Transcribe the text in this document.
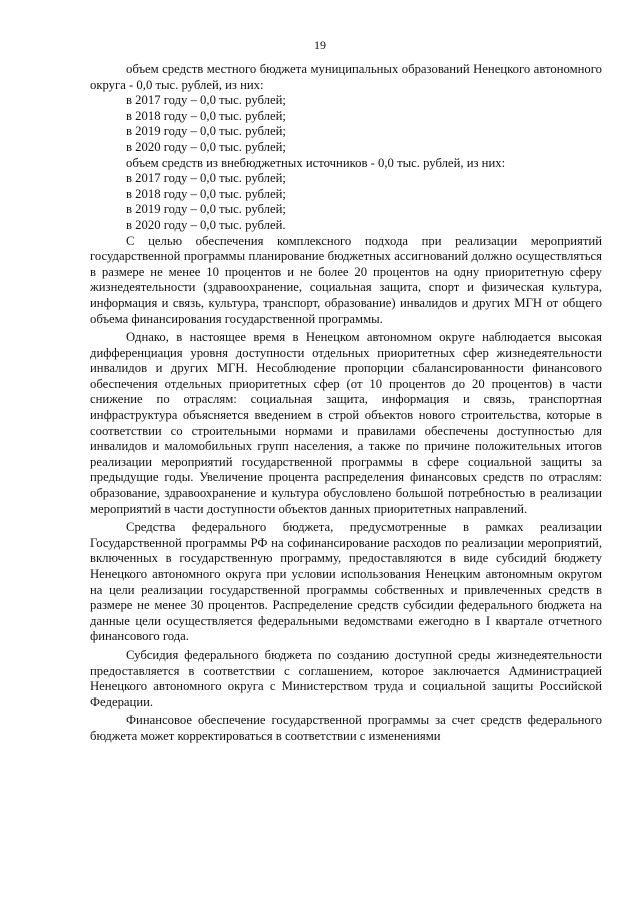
19

объем средств местного бюджета муниципальных образований Ненецкого автономного округа - 0,0 тыс. рублей, из них:

в 2017 году – 0,0 тыс. рублей;

в 2018 году – 0,0 тыс. рублей;

в 2019 году – 0,0 тыс. рублей;

в 2020 году – 0,0 тыс. рублей;

объем средств из внебюджетных источников - 0,0 тыс. рублей, из них:

в 2017 году – 0,0 тыс. рублей;

в 2018 году – 0,0 тыс. рублей;

в 2019 году – 0,0 тыс. рублей;

в 2020 году – 0,0 тыс. рублей.

С целью обеспечения комплексного подхода при реализации мероприятий государственной программы планирование бюджетных ассигнований должно осуществляться в размере не менее 10 процентов и не более 20 процентов на одну приоритетную сферу жизнедеятельности (здравоохранение, социальная защита, спорт и физическая культура, информация и связь, культура, транспорт, образование) инвалидов и других МГН от общего объема финансирования государственной программы.

Однако, в настоящее время в Ненецком автономном округе наблюдается высокая дифференциация уровня доступности отдельных приоритетных сфер жизнедеятельности инвалидов и других МГН. Несоблюдение пропорции сбалансированности финансового обеспечения отдельных приоритетных сфер (от 10 процентов до 20 процентов) в части снижение по отраслям: социальная защита, информация и связь, транспортная инфраструктура объясняется введением в строй объектов нового строительства, которые в соответствии со строительными нормами и правилами обеспечены доступностью для инвалидов и маломобильных групп населения, а также по причине положительных итогов реализации мероприятий государственной программы в сфере социальной защиты за предыдущие годы. Увеличение процента распределения финансовых средств по отраслям: образование, здравоохранение и культура обусловлено большой потребностью в реализации мероприятий в части доступности объектов данных приоритетных направлений.

Средства федерального бюджета, предусмотренные в рамках реализации Государственной программы РФ на софинансирование расходов по реализации мероприятий, включенных в государственную программу, предоставляются в виде субсидий бюджету Ненецкого автономного округа при условии использования Ненецким автономным округом на цели реализации государственной программы собственных и привлеченных средств в размере не менее 30 процентов. Распределение средств субсидии федерального бюджета на данные цели осуществляется федеральными ведомствами ежегодно в I квартале отчетного финансового года.

Субсидия федерального бюджета по созданию доступной среды жизнедеятельности предоставляется в соответствии с соглашением, которое заключается Администрацией Ненецкого автономного округа с Министерством труда и социальной защиты Российской Федерации.

Финансовое обеспечение государственной программы за счет средств федерального бюджета может корректироваться в соответствии с изменениями
